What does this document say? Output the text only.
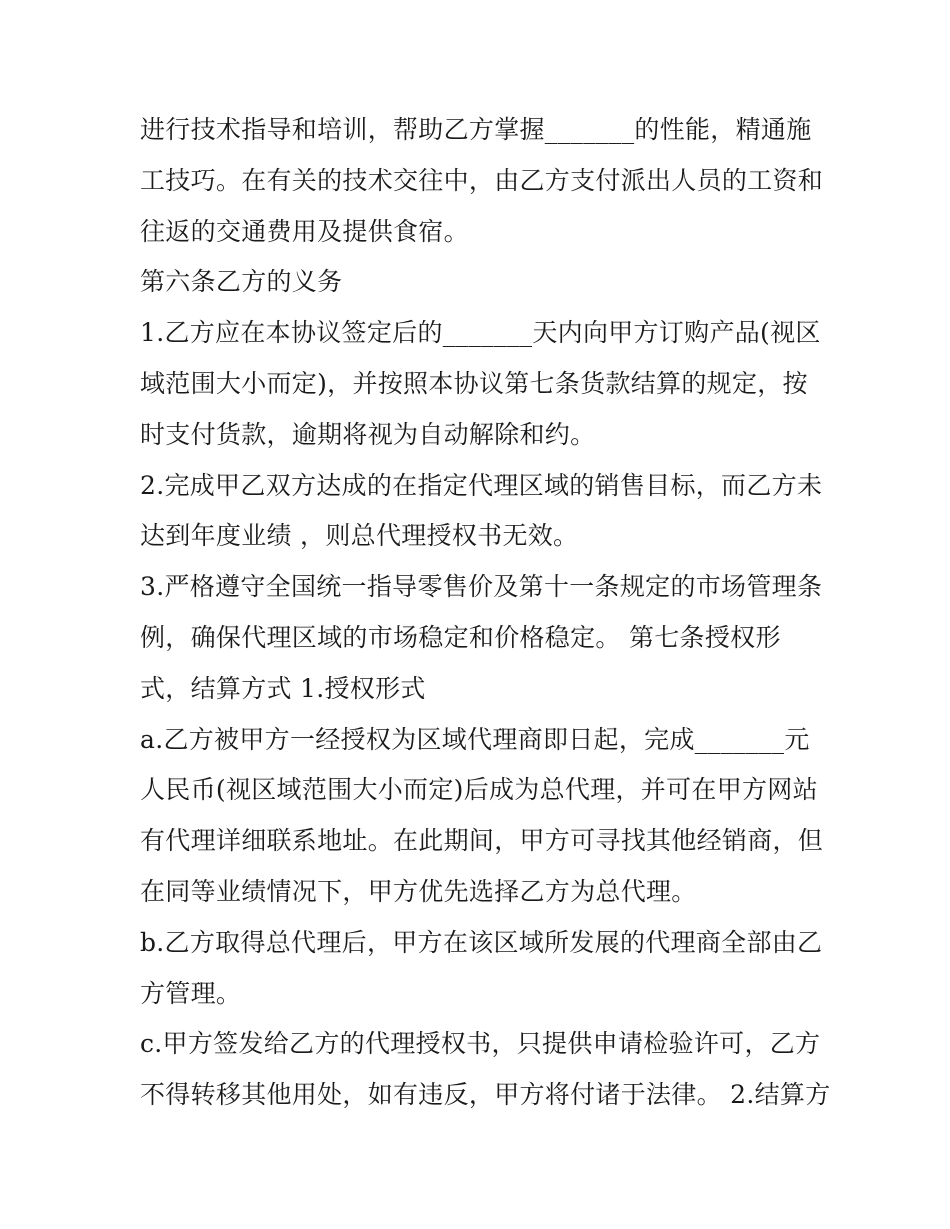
进行技术指导和培训，帮助乙方掌握_______的性能，精通施
工技巧。在有关的技术交往中，由乙方支付派出人员的工资和
往返的交通费用及提供食宿。
第六条乙方的义务
1.乙方应在本协议签定后的_______天内向甲方订购产品(视区
域范围大小而定)，并按照本协议第七条货款结算的规定，按
时支付货款，逾期将视为自动解除和约。
2.完成甲乙双方达成的在指定代理区域的销售目标，而乙方未
达到年度业绩 ，则总代理授权书无效。
3.严格遵守全国统一指导零售价及第十一条规定的市场管理条
例，确保代理区域的市场稳定和价格稳定。 第七条授权形
式，结算方式 1.授权形式
a.乙方被甲方一经授权为区域代理商即日起，完成_______元
人民币(视区域范围大小而定)后成为总代理，并可在甲方网站
有代理详细联系地址。在此期间，甲方可寻找其他经销商，但
在同等业绩情况下，甲方优先选择乙方为总代理。
b.乙方取得总代理后，甲方在该区域所发展的代理商全部由乙
方管理。
c.甲方签发给乙方的代理授权书，只提供申请检验许可，乙方
不得转移其他用处，如有违反，甲方将付诸于法律。 2.结算方
